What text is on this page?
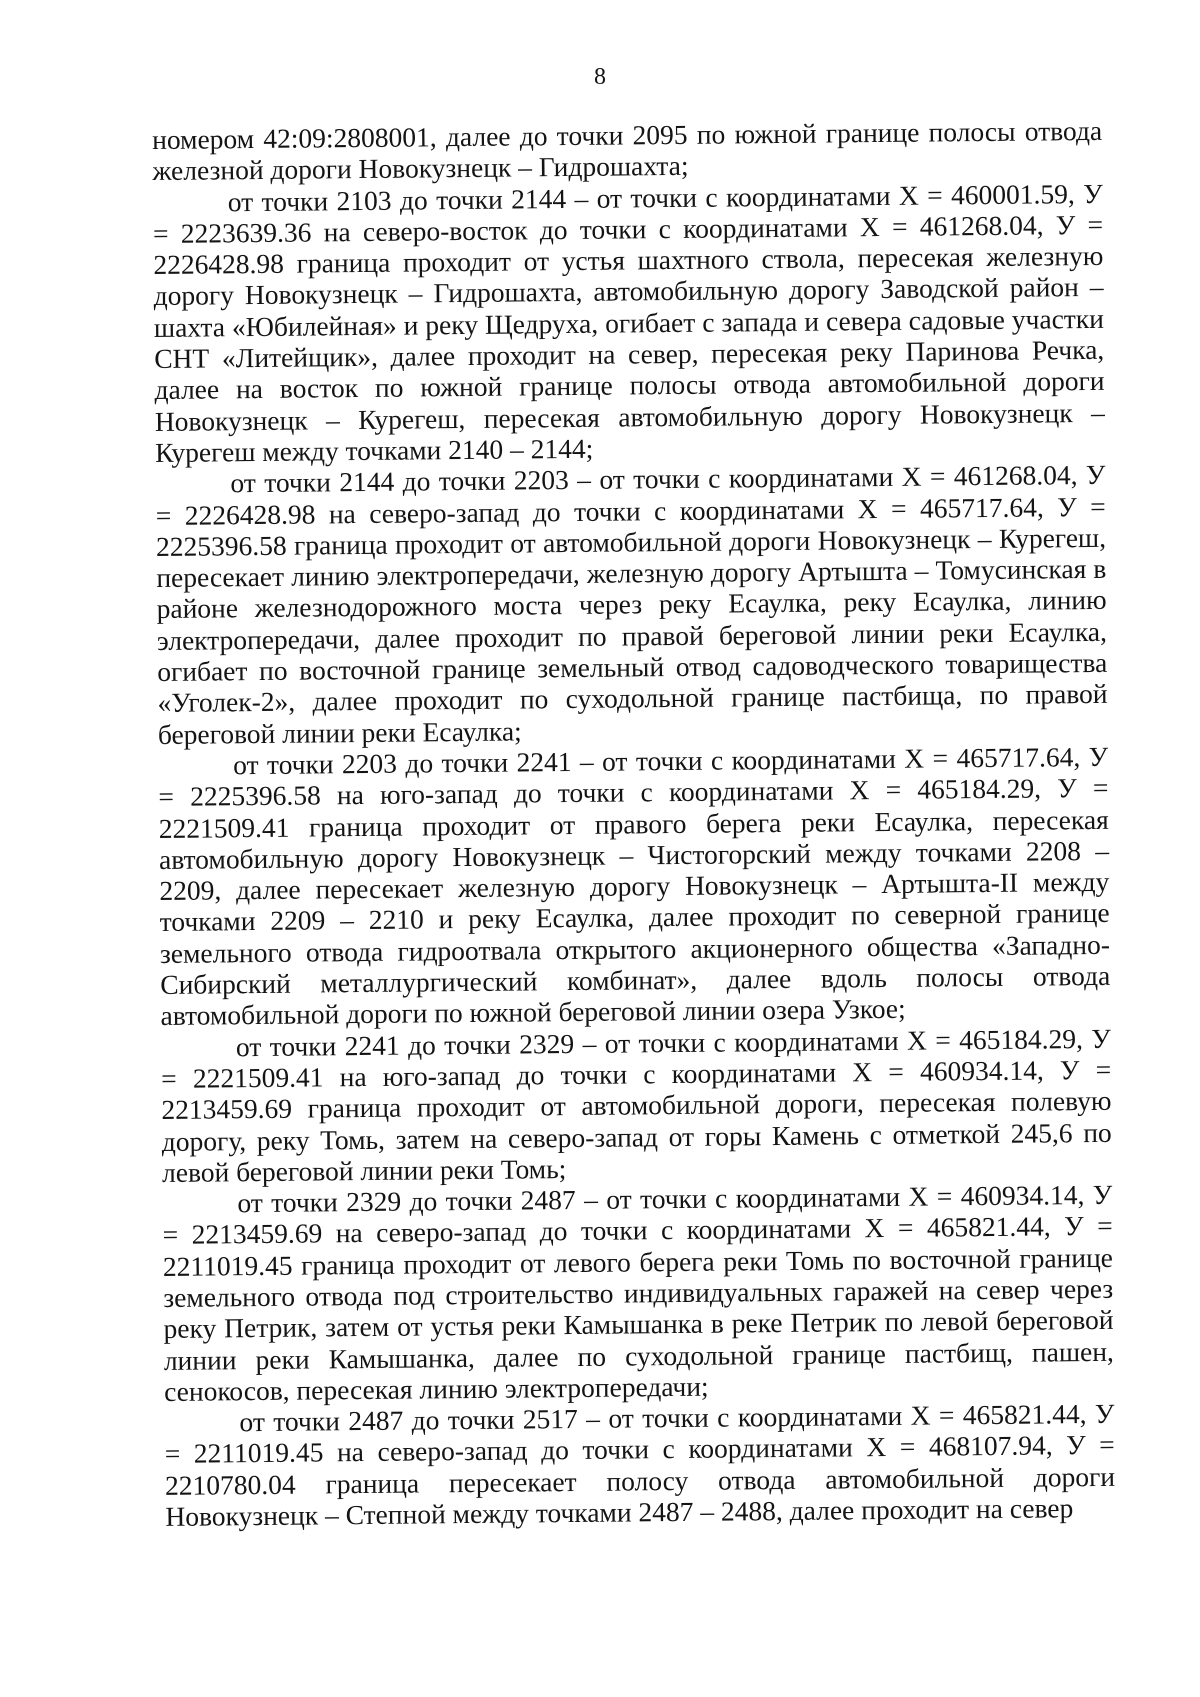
8

номером 42:09:2808001, далее до точки 2095 по южной границе полосы отвода железной дороги Новокузнецк – Гидрошахта;

от точки 2103 до точки 2144 – от точки с координатами Х = 460001.59, У = 2223639.36 на северо-восток до точки с координатами Х = 461268.04, У = 2226428.98 граница проходит от устья шахтного ствола, пересекая железную дорогу Новокузнецк – Гидрошахта, автомобильную дорогу Заводской район – шахта «Юбилейная» и реку Щедруха, огибает с запада и севера садовые участки СНТ «Литейщик», далее проходит на север, пересекая реку Паринова Речка, далее на восток по южной границе полосы отвода автомобильной дороги Новокузнецк – Курегеш, пересекая автомобильную дорогу Новокузнецк – Курегеш между точками 2140 – 2144;

от точки 2144 до точки 2203 – от точки с координатами Х = 461268.04, У = 2226428.98 на северо-запад до точки с координатами Х = 465717.64, У = 2225396.58 граница проходит от автомобильной дороги Новокузнецк – Курегеш, пересекает линию электропередачи, железную дорогу Артышта – Томусинская в районе железнодорожного моста через реку Есаулка, реку Есаулка, линию электропередачи, далее проходит по правой береговой линии реки Есаулка, огибает по восточной границе земельный отвод садоводческого товарищества «Уголек-2», далее проходит по суходольной границе пастбища, по правой береговой линии реки Есаулка;

от точки 2203 до точки 2241 – от точки с координатами Х = 465717.64, У = 2225396.58 на юго-запад до точки с координатами Х = 465184.29, У = 2221509.41 граница проходит от правого берега реки Есаулка, пересекая автомобильную дорогу Новокузнецк – Чистогорский между точками 2208 – 2209, далее пересекает железную дорогу Новокузнецк – Артышта-II между точками 2209 – 2210 и реку Есаулка, далее проходит по северной границе земельного отвода гидроотвала открытого акционерного общества «Западно-Сибирский металлургический комбинат», далее вдоль полосы отвода автомобильной дороги по южной береговой линии озера Узкое;

от точки 2241 до точки 2329 – от точки с координатами Х = 465184.29, У = 2221509.41 на юго-запад до точки с координатами Х = 460934.14, У = 2213459.69 граница проходит от автомобильной дороги, пересекая полевую дорогу, реку Томь, затем на северо-запад от горы Камень с отметкой 245,6 по левой береговой линии реки Томь;

от точки 2329 до точки 2487 – от точки с координатами Х = 460934.14, У = 2213459.69 на северо-запад до точки с координатами Х = 465821.44, У = 2211019.45 граница проходит от левого берега реки Томь по восточной границе земельного отвода под строительство индивидуальных гаражей на север через реку Петрик, затем от устья реки Камышанка в реке Петрик по левой береговой линии реки Камышанка, далее по суходольной границе пастбищ, пашен, сенокосов, пересекая линию электропередачи;

от точки 2487 до точки 2517 – от точки с координатами Х = 465821.44, У = 2211019.45 на северо-запад до точки с координатами Х = 468107.94, У = 2210780.04 граница пересекает полосу отвода автомобильной дороги Новокузнецк – Степной между точками 2487 – 2488, далее проходит на север
